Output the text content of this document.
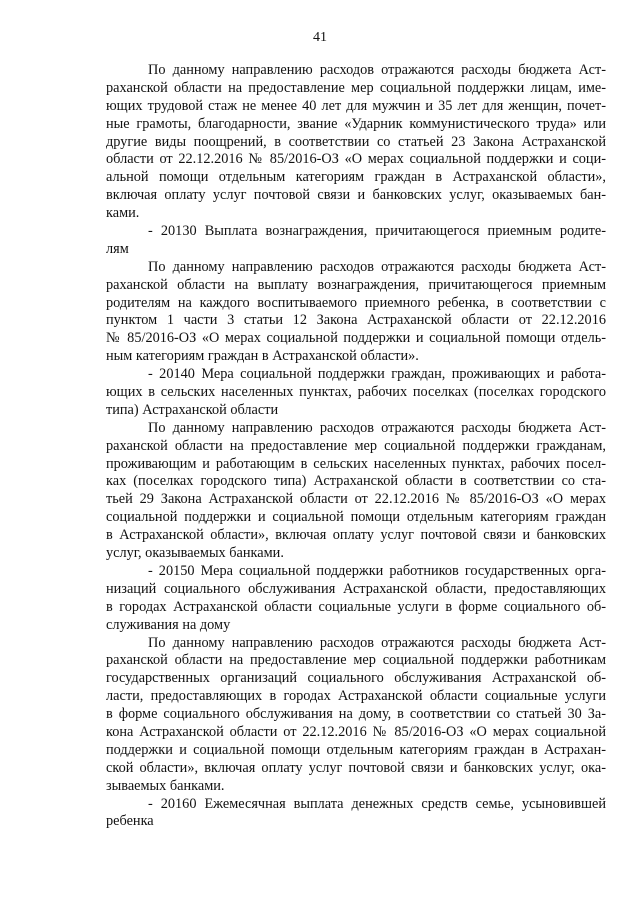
41
По данному направлению расходов отражаются расходы бюджета Аст-
раханской области на предоставление мер социальной поддержки лицам, име-
ющих трудовой стаж не менее 40 лет для мужчин и 35 лет для женщин, почет-
ные грамоты, благодарности, звание «Ударник коммунистического труда» или
другие виды поощрений, в соответствии со статьей 23 Закона Астраханской
области от 22.12.2016 № 85/2016-ОЗ «О мерах социальной поддержки и соци-
альной помощи отдельным категориям граждан в Астраханской области»,
включая оплату услуг почтовой связи и банковских услуг, оказываемых бан-
ками.
- 20130 Выплата вознаграждения, причитающегося приемным родите-
лям
По данному направлению расходов отражаются расходы бюджета Аст-
раханской области на выплату вознаграждения, причитающегося приемным
родителям на каждого воспитываемого приемного ребенка, в соответствии с
пунктом 1 части 3 статьи 12 Закона Астраханской области от 22.12.2016
№ 85/2016-ОЗ «О мерах социальной поддержки и социальной помощи отдель-
ным категориям граждан в Астраханской области».
- 20140 Мера социальной поддержки граждан, проживающих и работа-
ющих в сельских населенных пунктах, рабочих поселках (поселках городского
типа) Астраханской области
По данному направлению расходов отражаются расходы бюджета Аст-
раханской области на предоставление мер социальной поддержки гражданам,
проживающим и работающим в сельских населенных пунктах, рабочих посел-
ках (поселках городского типа) Астраханской области в соответствии со ста-
тьей 29 Закона Астраханской области от 22.12.2016 № 85/2016-ОЗ «О мерах
социальной поддержки и социальной помощи отдельным категориям граждан
в Астраханской области», включая оплату услуг почтовой связи и банковских
услуг, оказываемых банками.
- 20150 Мера социальной поддержки работников государственных орга-
низаций социального обслуживания Астраханской области, предоставляющих
в городах Астраханской области социальные услуги в форме социального об-
служивания на дому
По данному направлению расходов отражаются расходы бюджета Аст-
раханской области на предоставление мер социальной поддержки работникам
государственных организаций социального обслуживания Астраханской об-
ласти, предоставляющих в городах Астраханской области социальные услуги
в форме социального обслуживания на дому, в соответствии со статьей 30 За-
кона Астраханской области от 22.12.2016 № 85/2016-ОЗ «О мерах социальной
поддержки и социальной помощи отдельным категориям граждан в Астрахан-
ской области», включая оплату услуг почтовой связи и банковских услуг, ока-
зываемых банками.
- 20160 Ежемесячная выплата денежных средств семье, усыновившей
ребенка
